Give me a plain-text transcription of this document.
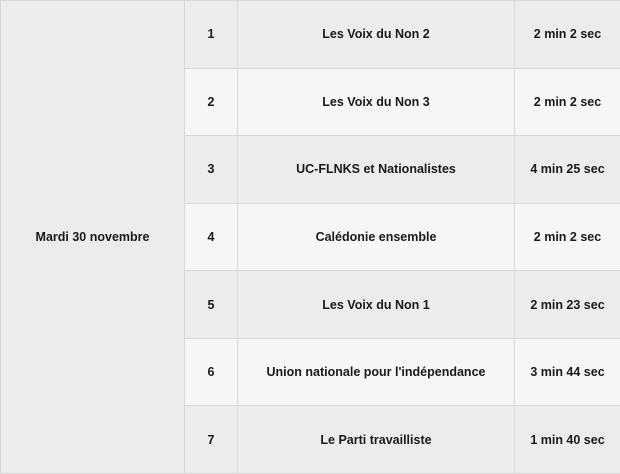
Mardi 30 novembre	1	Les Voix du Non 2	2 min 2 sec
	2	Les Voix du Non 3	2 min 2 sec
	3	UC-FLNKS et Nationalistes	4 min 25 sec
	4	Calédonie ensemble	2 min 2 sec
	5	Les Voix du Non 1	2 min 23 sec
	6	Union nationale pour l'indépendance	3 min 44 sec
	7	Le Parti travailliste	1 min 40 sec
